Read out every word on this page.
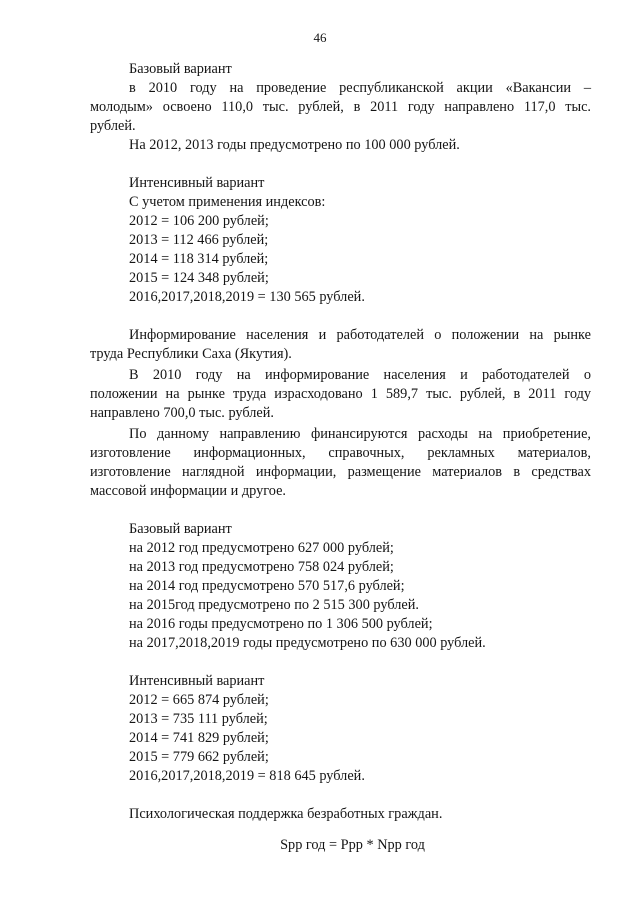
46
Базовый вариант
в 2010 году на проведение республиканской акции «Вакансии –
молодым» освоено 110,0 тыс. рублей, в 2011 году направлено 117,0 тыс.
рублей.
На 2012, 2013 годы предусмотрено по 100 000 рублей.
Интенсивный вариант
С учетом применения индексов:
2012 = 106 200 рублей;
2013 = 112 466 рублей;
2014 = 118 314 рублей;
2015 = 124 348 рублей;
2016,2017,2018,2019 = 130 565 рублей.
Информирование населения и работодателей о положении на рынке
труда Республики Саха (Якутия).
В 2010 году на информирование населения и работодателей о
положении на рынке труда израсходовано 1 589,7 тыс. рублей, в 2011 году
направлено 700,0 тыс. рублей.
По данному направлению финансируются расходы на приобретение,
изготовление информационных, справочных, рекламных материалов,
изготовление наглядной информации, размещение материалов в средствах
массовой информации и другое.
Базовый вариант
на 2012 год предусмотрено 627 000 рублей;
на 2013 год предусмотрено 758 024 рублей;
на 2014 год предусмотрено 570 517,6 рублей;
на 2015год предусмотрено по 2 515 300 рублей.
на 2016 годы предусмотрено по 1 306 500 рублей;
на 2017,2018,2019 годы предусмотрено по 630 000 рублей.
Интенсивный вариант
2012 = 665 874 рублей;
2013 = 735 111 рублей;
2014 = 741 829 рублей;
2015 = 779 662 рублей;
2016,2017,2018,2019 = 818 645 рублей.
Психологическая поддержка безработных граждан.
Spp год = Ppp * Npp год
